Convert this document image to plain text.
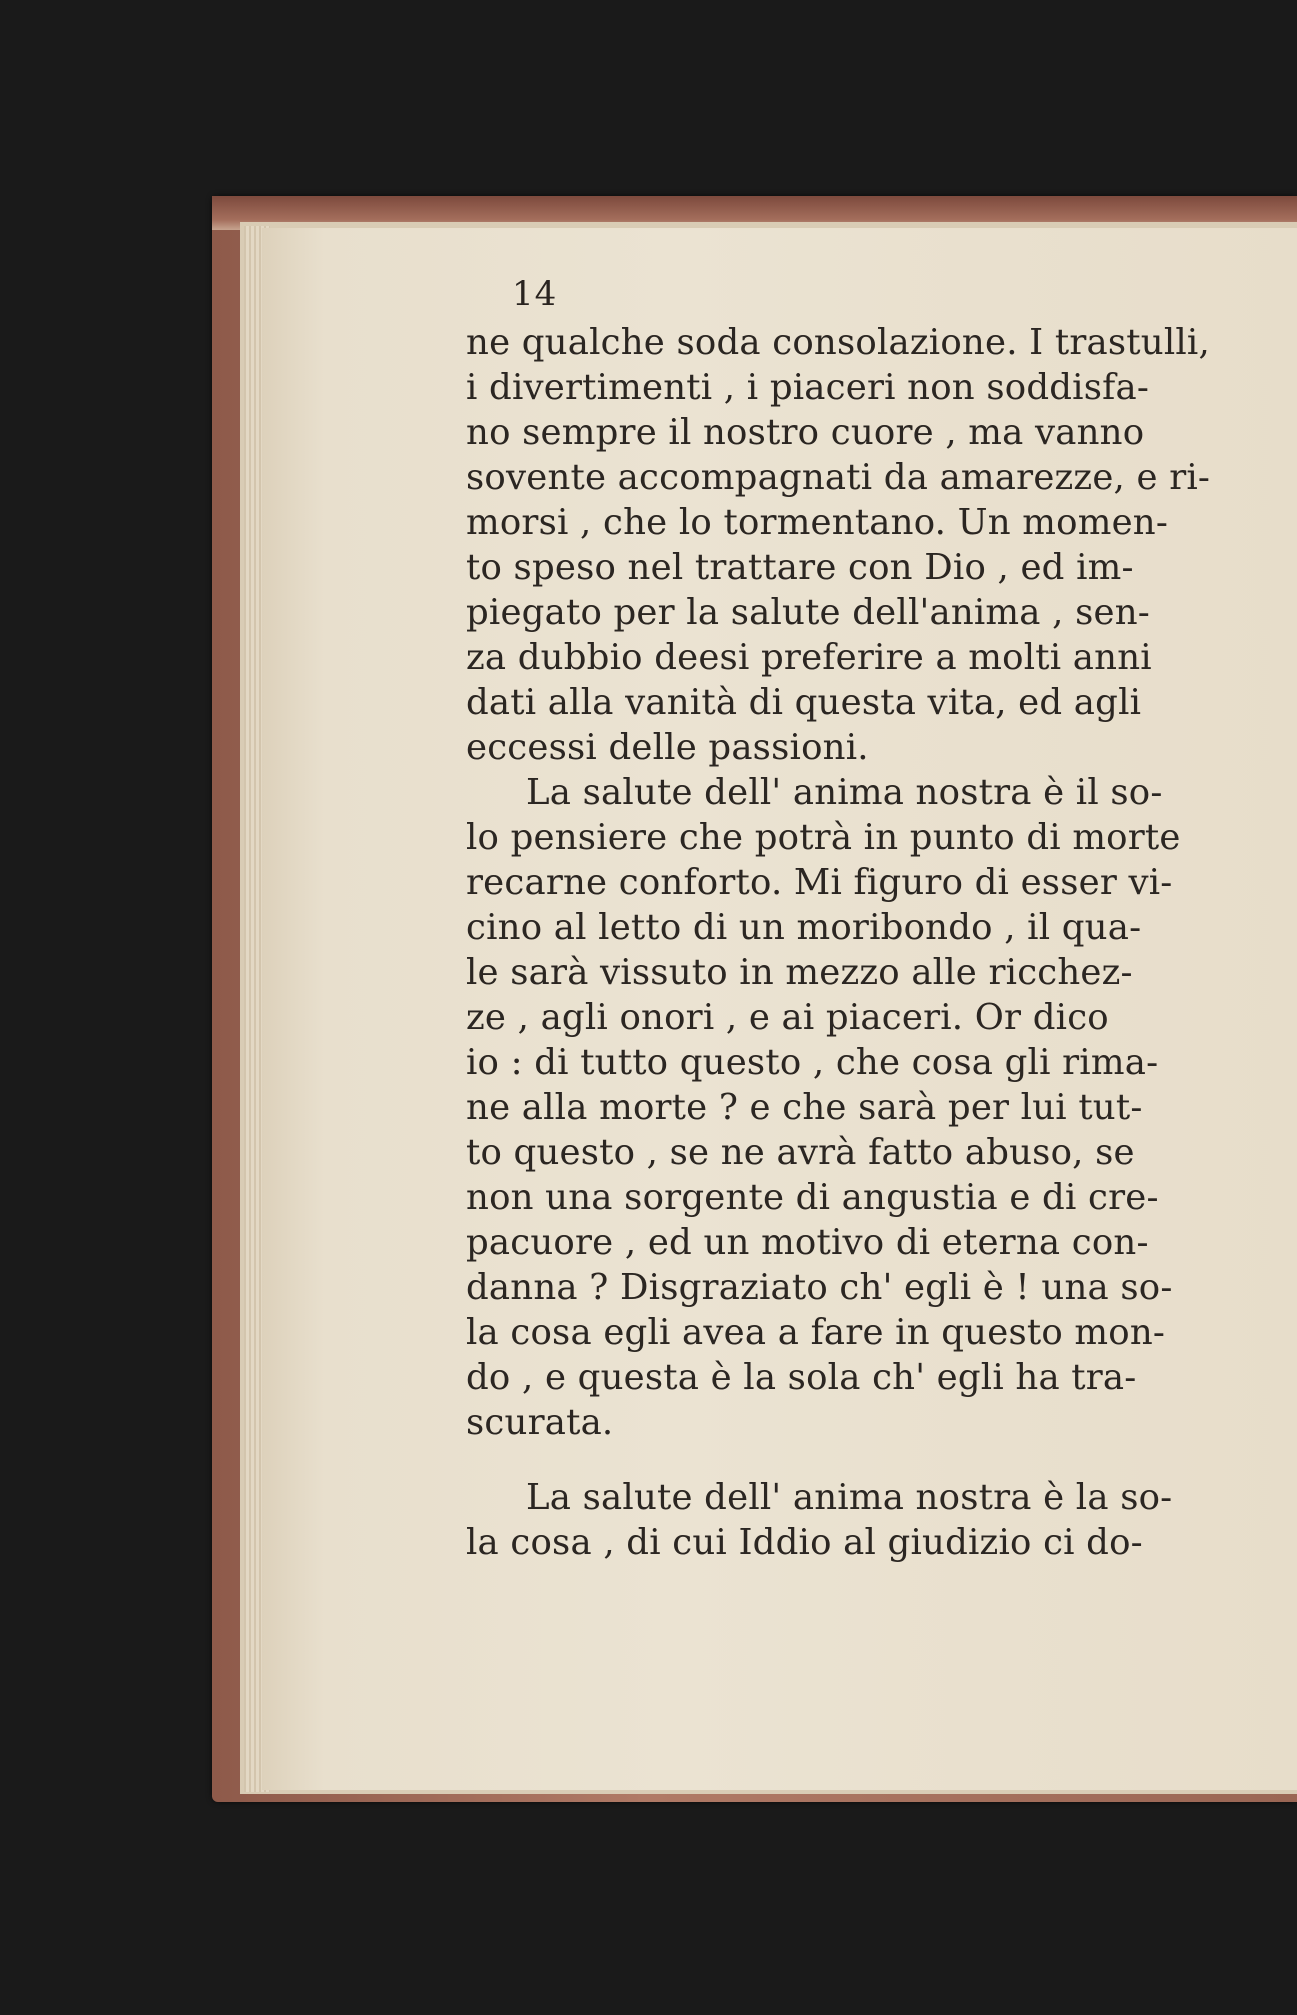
14
ne qualche soda consolazione. I trastulli,
i divertimenti , i piaceri non soddisfa-
no sempre il nostro cuore , ma vanno
sovente accompagnati da amarezze, e ri-
morsi , che lo tormentano. Un momen-
to speso nel trattare con Dio , ed im-
piegato per la salute dell'anima , sen-
za dubbio deesi preferire a molti anni
dati alla vanità di questa vita, ed agli
eccessi delle passioni.
La salute dell' anima nostra è il so-
lo pensiere che potrà in punto di morte
recarne conforto. Mi figuro di esser vi-
cino al letto di un moribondo , il qua-
le sarà vissuto in mezzo alle ricchez-
ze , agli onori , e ai piaceri. Or dico
io : di tutto questo , che cosa gli rima-
ne alla morte ? e che sarà per lui tut-
to questo , se ne avrà fatto abuso, se
non una sorgente di angustia e di cre-
pacuore , ed un motivo di eterna con-
danna ? Disgraziato ch' egli è ! una so-
la cosa egli avea a fare in questo mon-
do , e questa è la sola ch' egli ha tra-
scurata.
La salute dell' anima nostra è la so-
la cosa , di cui Iddio al giudizio ci do-
